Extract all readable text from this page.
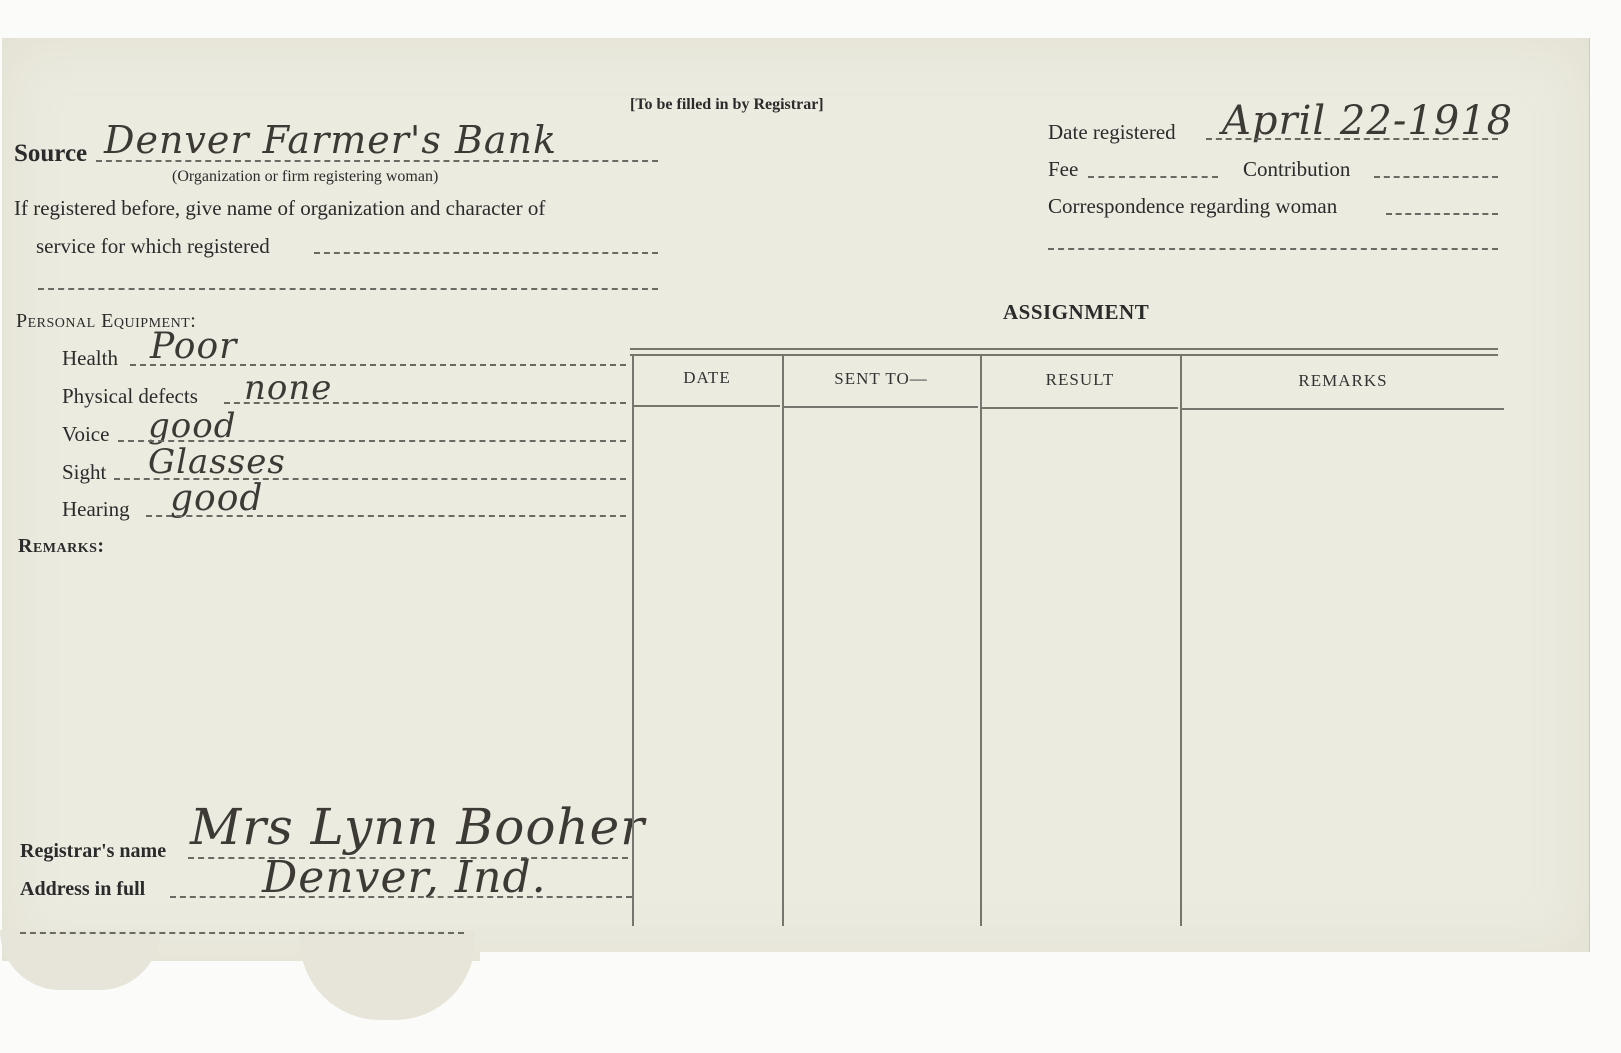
[To be filled in by Registrar]
Source Denver Farmer's Bank
(Organization or firm registering woman)
If registered before, give name of organization and character of
service for which registered
Personal Equipment:
Health Poor
Physical defects none
Voice good
Sight Glasses
Hearing good
Remarks:
Registrar's name Mrs Lynn Booher
Address in full	Denver, Ind.
Date registered April 22-1918
Fee	Contribution
Correspondence regarding woman
ASSIGNMENT
DATE	SENT TO—	RESULT	REMARKS
